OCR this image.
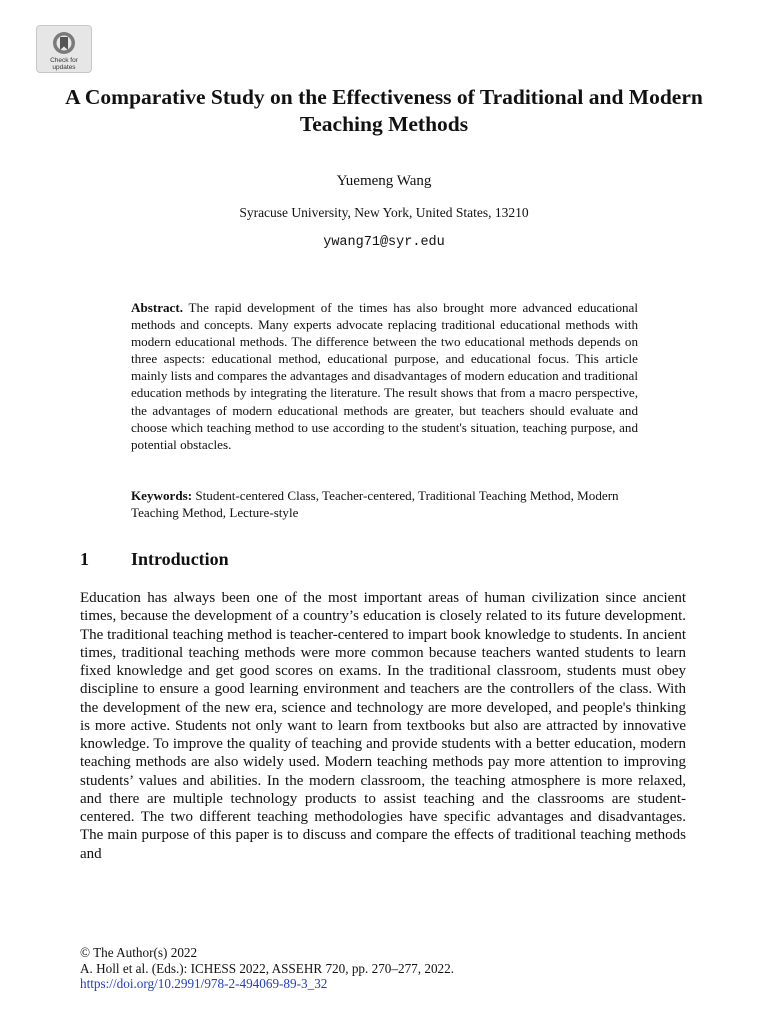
Check for
updates
A Comparative Study on the Effectiveness of Traditional and Modern Teaching Methods
Yuemeng Wang
Syracuse University, New York, United States, 13210
ywang71@syr.edu

Abstract. The rapid development of the times has also brought more advanced educational methods and concepts. Many experts advocate replacing traditional educational methods with modern educational methods. The difference between the two educational methods depends on three aspects: educational method, educational purpose, and educational focus. This article mainly lists and compares the advantages and disadvantages of modern education and traditional education methods by integrating the literature. The result shows that from a macro perspective, the advantages of modern educational methods are greater, but teachers should evaluate and choose which teaching method to use according to the student's situation, teaching purpose, and potential obstacles.

Keywords: Student-centered Class, Teacher-centered, Traditional Teaching Method, Modern Teaching Method, Lecture-style

1 Introduction

Education has always been one of the most important areas of human civilization since ancient times, because the development of a country’s education is closely related to its future development. The traditional teaching method is teacher-centered to impart book knowledge to students. In ancient times, traditional teaching methods were more common because teachers wanted students to learn fixed knowledge and get good scores on exams. In the traditional classroom, students must obey discipline to ensure a good learning environment and teachers are the controllers of the class. With the development of the new era, science and technology are more developed, and people's thinking is more active. Students not only want to learn from textbooks but also are attracted by innovative knowledge. To improve the quality of teaching and provide students with a better education, modern teaching methods are also widely used. Modern teaching methods pay more attention to improving students’ values and abilities. In the modern classroom, the teaching atmosphere is more relaxed, and there are multiple technology products to assist teaching and the classrooms are student-centered. The two different teaching methodologies have specific advantages and disadvantages. The main purpose of this paper is to discuss and compare the effects of traditional teaching methods and

© The Author(s) 2022
A. Holl et al. (Eds.): ICHESS 2022, ASSEHR 720, pp. 270–277, 2022.
https://doi.org/10.2991/978-2-494069-89-3_32
